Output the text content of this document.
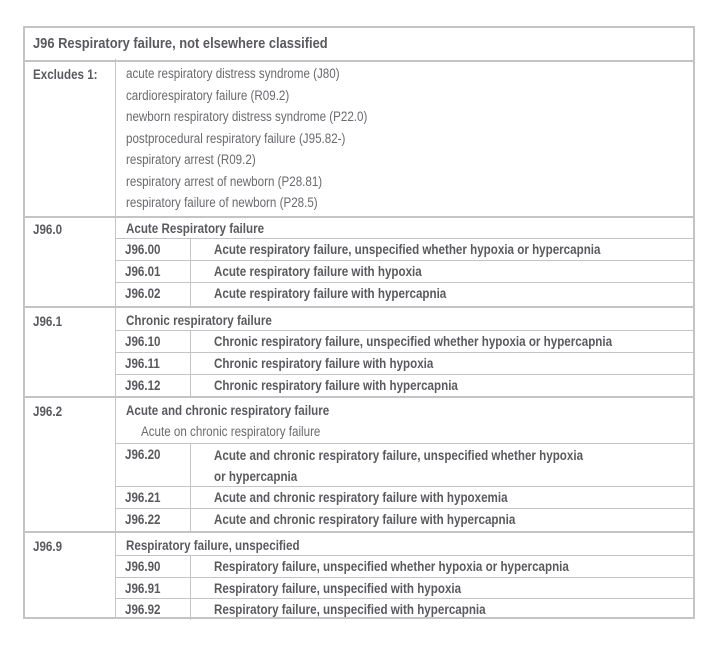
J96 Respiratory failure, not elsewhere classified
Excludes 1:	acute respiratory distress syndrome (J80)
cardiorespiratory failure (R09.2)
newborn respiratory distress syndrome (P22.0)
postprocedural respiratory failure (J95.82-)
respiratory arrest (R09.2)
respiratory arrest of newborn (P28.81)
respiratory failure of newborn (P28.5)
J96.0	Acute Respiratory failure
J96.00	Acute respiratory failure, unspecified whether hypoxia or hypercapnia
J96.01	Acute respiratory failure with hypoxia
J96.02	Acute respiratory failure with hypercapnia
J96.1	Chronic respiratory failure
J96.10	Chronic respiratory failure, unspecified whether hypoxia or hypercapnia
J96.11	Chronic respiratory failure with hypoxia
J96.12	Chronic respiratory failure with hypercapnia
J96.2	Acute and chronic respiratory failure
Acute on chronic respiratory failure
J96.20	Acute and chronic respiratory failure, unspecified whether hypoxia
or hypercapnia
J96.21	Acute and chronic respiratory failure with hypoxemia
J96.22	Acute and chronic respiratory failure with hypercapnia
J96.9	Respiratory failure, unspecified
J96.90	Respiratory failure, unspecified whether hypoxia or hypercapnia
J96.91	Respiratory failure, unspecified with hypoxia
J96.92	Respiratory failure, unspecified with hypercapnia
